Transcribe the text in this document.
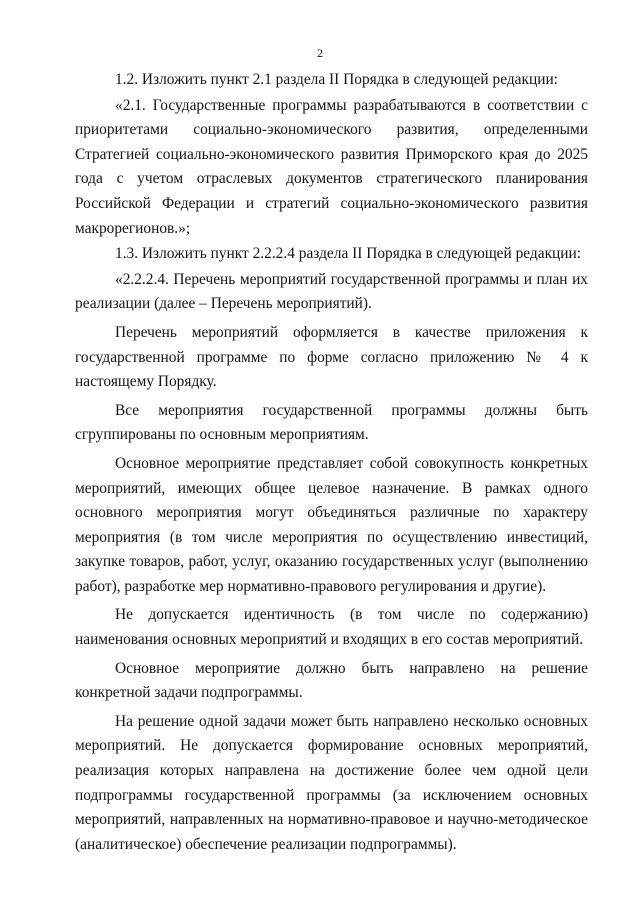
2

1.2. Изложить пункт 2.1 раздела II Порядка в следующей редакции:

«2.1. Государственные программы разрабатываются в соответствии с приоритетами социально-экономического развития, определенными Стратегией социально-экономического развития Приморского края до 2025 года с учетом отраслевых документов стратегического планирования Российской Федерации и стратегий социально-экономического развития макрорегионов.»;

1.3. Изложить пункт 2.2.2.4 раздела II Порядка в следующей редакции:

«2.2.2.4. Перечень мероприятий государственной программы и план их реализации (далее – Перечень мероприятий).

Перечень мероприятий оформляется в качестве приложения к государственной программе по форме согласно приложению № 4 к настоящему Порядку.

Все мероприятия государственной программы должны быть сгруппированы по основным мероприятиям.

Основное мероприятие представляет собой совокупность конкретных мероприятий, имеющих общее целевое назначение. В рамках одного основного мероприятия могут объединяться различные по характеру мероприятия (в том числе мероприятия по осуществлению инвестиций, закупке товаров, работ, услуг, оказанию государственных услуг (выполнению работ), разработке мер нормативно-правового регулирования и другие).

Не допускается идентичность (в том числе по содержанию) наименования основных мероприятий и входящих в его состав мероприятий.

Основное мероприятие должно быть направлено на решение конкретной задачи подпрограммы.

На решение одной задачи может быть направлено несколько основных мероприятий. Не допускается формирование основных мероприятий, реализация которых направлена на достижение более чем одной цели подпрограммы государственной программы (за исключением основных мероприятий, направленных на нормативно-правовое и научно-методическое (аналитическое) обеспечение реализации подпрограммы).
